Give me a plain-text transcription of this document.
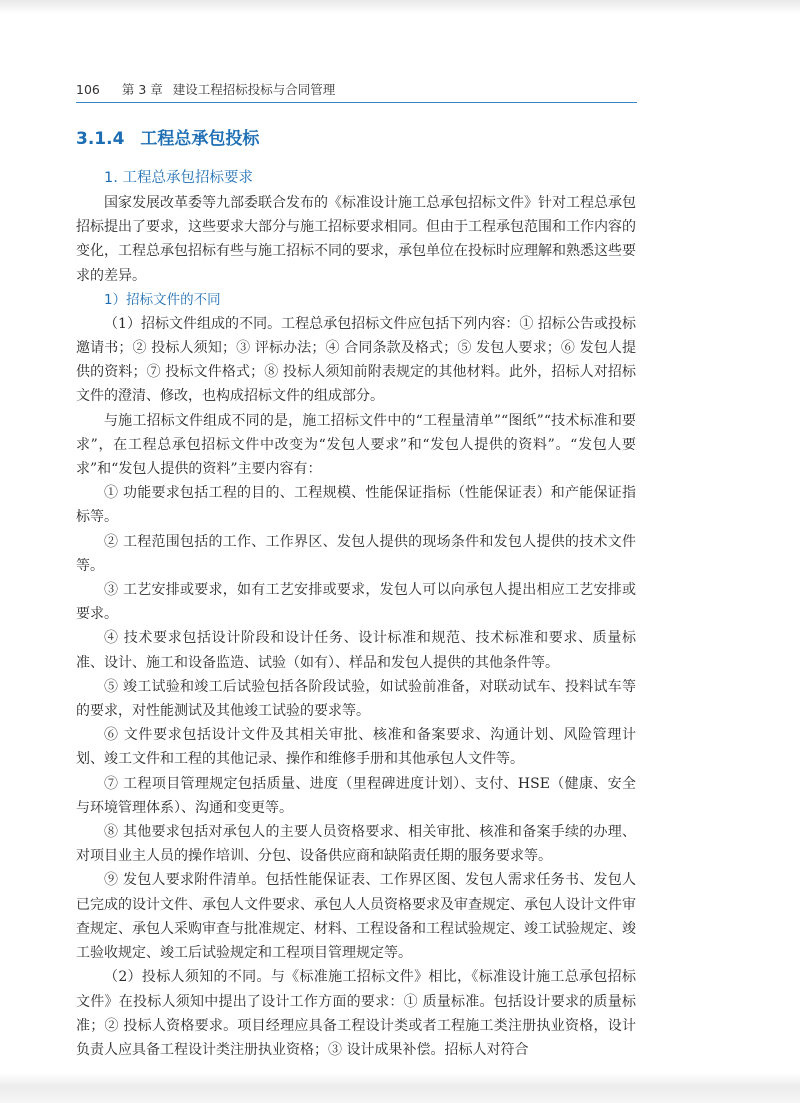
106 第 3 章 建设工程招标投标与合同管理
3.1.4 工程总承包投标
1. 工程总承包招标要求

国家发展改革委等九部委联合发布的《标准设计施工总承包招标文件》针对工程总承包招标提出了要求，这些要求大部分与施工招标要求相同。但由于工程承包范围和工作内容的变化，工程总承包招标有些与施工招标不同的要求，承包单位在投标时应理解和熟悉这些要求的差异。

1）招标文件的不同

（1）招标文件组成的不同。工程总承包招标文件应包括下列内容：① 招标公告或投标邀请书；② 投标人须知；③ 评标办法；④ 合同条款及格式；⑤ 发包人要求；⑥ 发包人提供的资料；⑦ 投标文件格式；⑧ 投标人须知前附表规定的其他材料。此外，招标人对招标文件的澄清、修改，也构成招标文件的组成部分。

与施工招标文件组成不同的是，施工招标文件中的“工程量清单”“图纸”“技术标准和要求”，在工程总承包招标文件中改变为“发包人要求”和“发包人提供的资料”。“发包人要求”和“发包人提供的资料”主要内容有：

① 功能要求包括工程的目的、工程规模、性能保证指标（性能保证表）和产能保证指标等。

② 工程范围包括的工作、工作界区、发包人提供的现场条件和发包人提供的技术文件等。

③ 工艺安排或要求，如有工艺安排或要求，发包人可以向承包人提出相应工艺安排或要求。

④ 技术要求包括设计阶段和设计任务、设计标准和规范、技术标准和要求、质量标准、设计、施工和设备监造、试验（如有）、样品和发包人提供的其他条件等。

⑤ 竣工试验和竣工后试验包括各阶段试验，如试验前准备，对联动试车、投料试车等的要求，对性能测试及其他竣工试验的要求等。

⑥ 文件要求包括设计文件及其相关审批、核准和备案要求、沟通计划、风险管理计划、竣工文件和工程的其他记录、操作和维修手册和其他承包人文件等。

⑦ 工程项目管理规定包括质量、进度（里程碑进度计划）、支付、HSE（健康、安全与环境管理体系）、沟通和变更等。

⑧ 其他要求包括对承包人的主要人员资格要求、相关审批、核准和备案手续的办理、对项目业主人员的操作培训、分包、设备供应商和缺陷责任期的服务要求等。

⑨ 发包人要求附件清单。包括性能保证表、工作界区图、发包人需求任务书、发包人已完成的设计文件、承包人文件要求、承包人人员资格要求及审查规定、承包人设计文件审查规定、承包人采购审查与批准规定、材料、工程设备和工程试验规定、竣工试验规定、竣工验收规定、竣工后试验规定和工程项目管理规定等。

（2）投标人须知的不同。与《标准施工招标文件》相比，《标准设计施工总承包招标文件》在投标人须知中提出了设计工作方面的要求：① 质量标准。包括设计要求的质量标准；② 投标人资格要求。项目经理应具备工程设计类或者工程施工类注册执业资格，设计负责人应具备工程设计类注册执业资格；③ 设计成果补偿。招标人对符合
